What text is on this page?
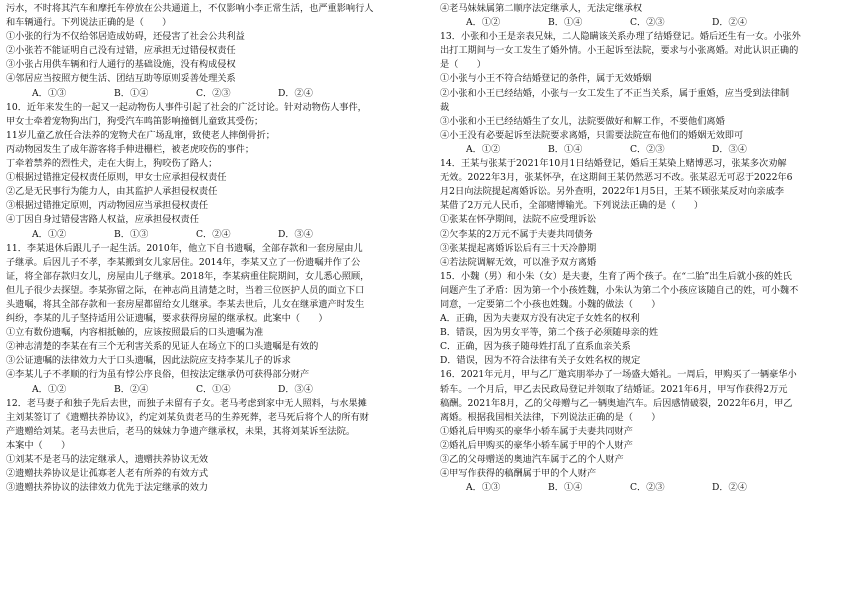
污水，不时将其汽车和摩托车停放在公共通道上，不仅影响小李正常生活，也严重影响行人
和车辆通行。下列说法正确的是（　　）
①小张的行为不仅给邻居造成妨碍，还侵害了社会公共利益
②小张若不能证明自己没有过错，应承担无过错侵权责任
③小张占用供车辆和行人通行的基础设施，没有构成侵权
④邻居应当按照方便生活、团结互助等原则妥善处理关系
A．①③	B．①④	C．②③	D．②④
10．近年来发生的一起又一起动物伤人事件引起了社会的广泛讨论。针对动物伤人事件，
甲女士牵着宠物狗出门，狗受汽车鸣笛影响撞倒儿童致其受伤；
11岁儿童乙放任合法养的宠物犬在广场乱窜，致使老人摔倒骨折；
丙动物园发生了成年游客将手伸进栅栏，被老虎咬伤的事件；
丁牵着禁养的烈性犬，走在大街上，狗咬伤了路人；
①根据过错推定侵权责任原则，甲女士应承担侵权责任
②乙是无民事行为能力人，由其监护人承担侵权责任
③根据过错推定原则，丙动物园应当承担侵权责任
④丁因自身过错侵害路人权益，应承担侵权责任
A．①②	B．①③	C．②④	D．③④
11．李某退休后跟儿子一起生活。2010年，他立下自书遗嘱，全部存款和一套房屋由儿
子继承。后因儿子不孝，李某搬到女儿家居住。2014年，李某又立了一份遗嘱并作了公
证，将全部存款归女儿，房屋由儿子继承。2018年，李某病重住院期间，女儿悉心照顾，
但儿子很少去探望。李某弥留之际，在神志尚且清楚之时，当着三位医护人员的面立下口
头遗嘱，将其全部存款和一套房屋都留给女儿继承。李某去世后，儿女在继承遗产时发生
纠纷，李某的儿子坚持适用公证遗嘱，要求获得房屋的继承权。此案中（　　）
①立有数份遗嘱，内容相抵触的，应该按照最后的口头遗嘱为准
②神志清楚的李某在有三个无利害关系的见证人在场立下的口头遗嘱是有效的
③公证遗嘱的法律效力大于口头遗嘱，因此法院应支持李某儿子的诉求
④李某儿子不孝顺的行为虽有悖公序良俗，但按法定继承仍可获得部分财产
A．①②	B．②④	C．①④	D．③④
12．老马妻子和独子先后去世，而独子未留有子女。老马考虑到家中无人照料，与水果摊
主刘某签订了《遗赠扶养协议》，约定刘某负责老马的生养死葬，老马死后将个人的所有财
产遗赠给刘某。老马去世后，老马的妹妹力争遗产继承权，未果，其将刘某诉至法院。
本案中（　　）
①刘某不是老马的法定继承人，遗赠扶养协议无效
②遗赠扶养协议是让孤寡老人老有所养的有效方式
③遗赠扶养协议的法律效力优先于法定继承的效力
④老马妹妹属第二顺序法定继承人，无法定继承权
A．①②	B．①④	C．②③	D．②④
13．小张和小王是亲表兄妹，二人隐瞒该关系办理了结婚登记。婚后还生有一女。小张外
出打工期间与一女工发生了婚外情。小王起诉至法院，要求与小张离婚。对此认识正确的
是（　　）
①小张与小王不符合结婚登记的条件，属于无效婚姻
②小张和小王已经结婚，小张与一女工发生了不正当关系，属于重婚，应当受到法律制
裁
③小张和小王已经结婚生了女儿，法院要做好和解工作，不要他们离婚
④小王没有必要起诉至法院要求离婚，只需要法院宣布他们的婚姻无效即可
A．①②	B．①④	C．②③	D．③④
14．王某与张某于2021年10月1日结婚登记，婚后王某染上赌博恶习，张某多次劝解
无效。2022年3月，张某怀孕，在这期间王某仍然恶习不改。张某忍无可忍于2022年6
月2日向法院提起离婚诉讼。另外查明，2022年1月5日，王某不顾张某反对向亲戚李
某借了2万元人民币，全部赌博输光。下列说法正确的是（　　）
①张某在怀孕期间，法院不应受理诉讼
②欠李某的2万元不属于夫妻共同债务
③张某提起离婚诉讼后有三十天冷静期
④若法院调解无效，可以准予双方离婚
15．小魏（男）和小朱（女）是夫妻，生育了两个孩子。在“二胎”出生后就小孩的姓氏
问题产生了矛盾：因为第一个小孩姓魏，小朱认为第二个小孩应该随自己的姓，可小魏不
同意，一定要第二个小孩也姓魏。小魏的做法（　　）
A．正确，因为夫妻双方没有决定子女姓名的权利
B．错误，因为男女平等，第二个孩子必须随母亲的姓
C．正确，因为孩子随母姓打乱了直系血亲关系
D．错误，因为不符合法律有关子女姓名权的规定
16．2021年元月，甲与乙厂邀宾朋举办了一场盛大婚礼。一周后，甲购买了一辆豪华小
轿车。一个月后，甲乙去民政局登记并领取了结婚证。2021年6月，甲写作获得2万元
稿酬。2021年8月，乙的父母赠与乙一辆奥迪汽车。后因感情破裂，2022年6月，甲乙
离婚。根据我国相关法律，下列说法正确的是（　　）
①婚礼后甲购买的豪华小轿车属于夫妻共同财产
②婚礼后甲购买的豪华小轿车属于甲的个人财产
③乙的父母赠送的奥迪汽车属于乙的个人财产
④甲写作获得的稿酬属于甲的个人财产
A．①③	B．①④	C．②③	D．②④
